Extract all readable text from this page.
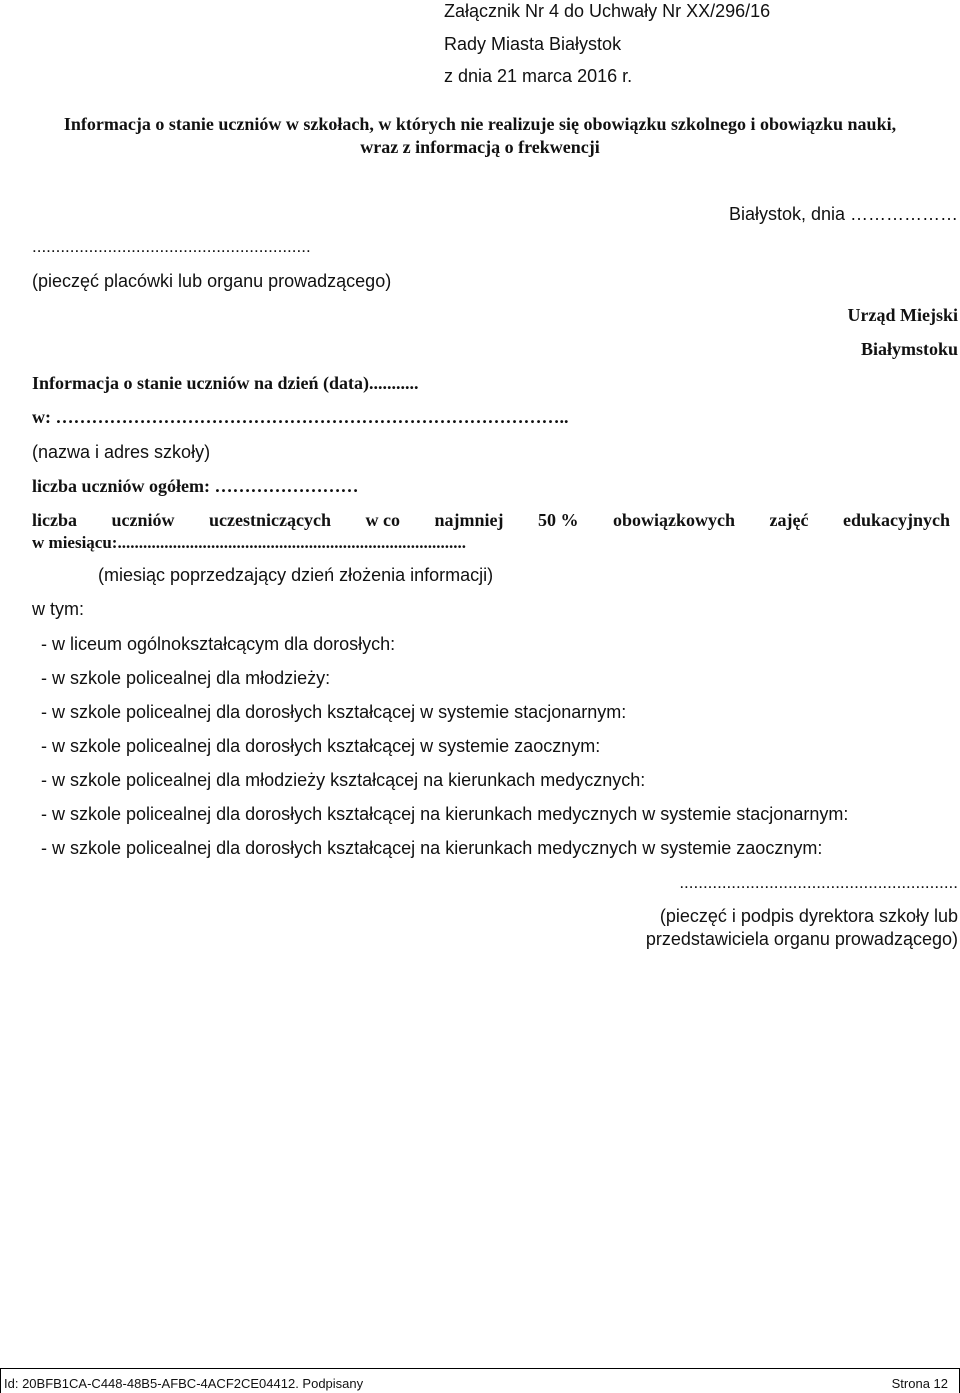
Załącznik Nr 4 do Uchwały Nr XX/296/16
Rady Miasta Białystok
z dnia 21 marca 2016 r.
Informacja o stanie uczniów w szkołach, w których nie realizuje się obowiązku szkolnego i obowiązku nauki,
wraz z informacją o frekwencji
Białystok, dnia ………………
...........................................................
(pieczęć placówki lub organu prowadzącego)
Urząd Miejski
Białymstoku
Informacja o stanie uczniów na dzień (data)...........
w: …………………………………………………………………………..
(nazwa i adres szkoły)
liczba uczniów ogółem: ……………………
liczba uczniów uczestniczących w co najmniej 50 % obowiązkowych zajęć edukacyjnych
w miesiącu:..................................................................................
(miesiąc poprzedzający dzień złożenia informacji)
w tym:
- w liceum ogólnokształcącym dla dorosłych:
- w szkole policealnej dla młodzieży:
- w szkole policealnej dla dorosłych kształcącej w systemie stacjonarnym:
- w szkole policealnej dla dorosłych kształcącej w systemie zaocznym:
- w szkole policealnej dla młodzieży kształcącej na kierunkach medycznych:
- w szkole policealnej dla dorosłych kształcącej na kierunkach medycznych w systemie stacjonarnym:
- w szkole policealnej dla dorosłych kształcącej na kierunkach medycznych w systemie zaocznym:
...........................................................
(pieczęć i podpis dyrektora szkoły lub
przedstawiciela organu prowadzącego)
Id: 20BFB1CA-C448-48B5-AFBC-4ACF2CE04412. Podpisany	Strona 12
